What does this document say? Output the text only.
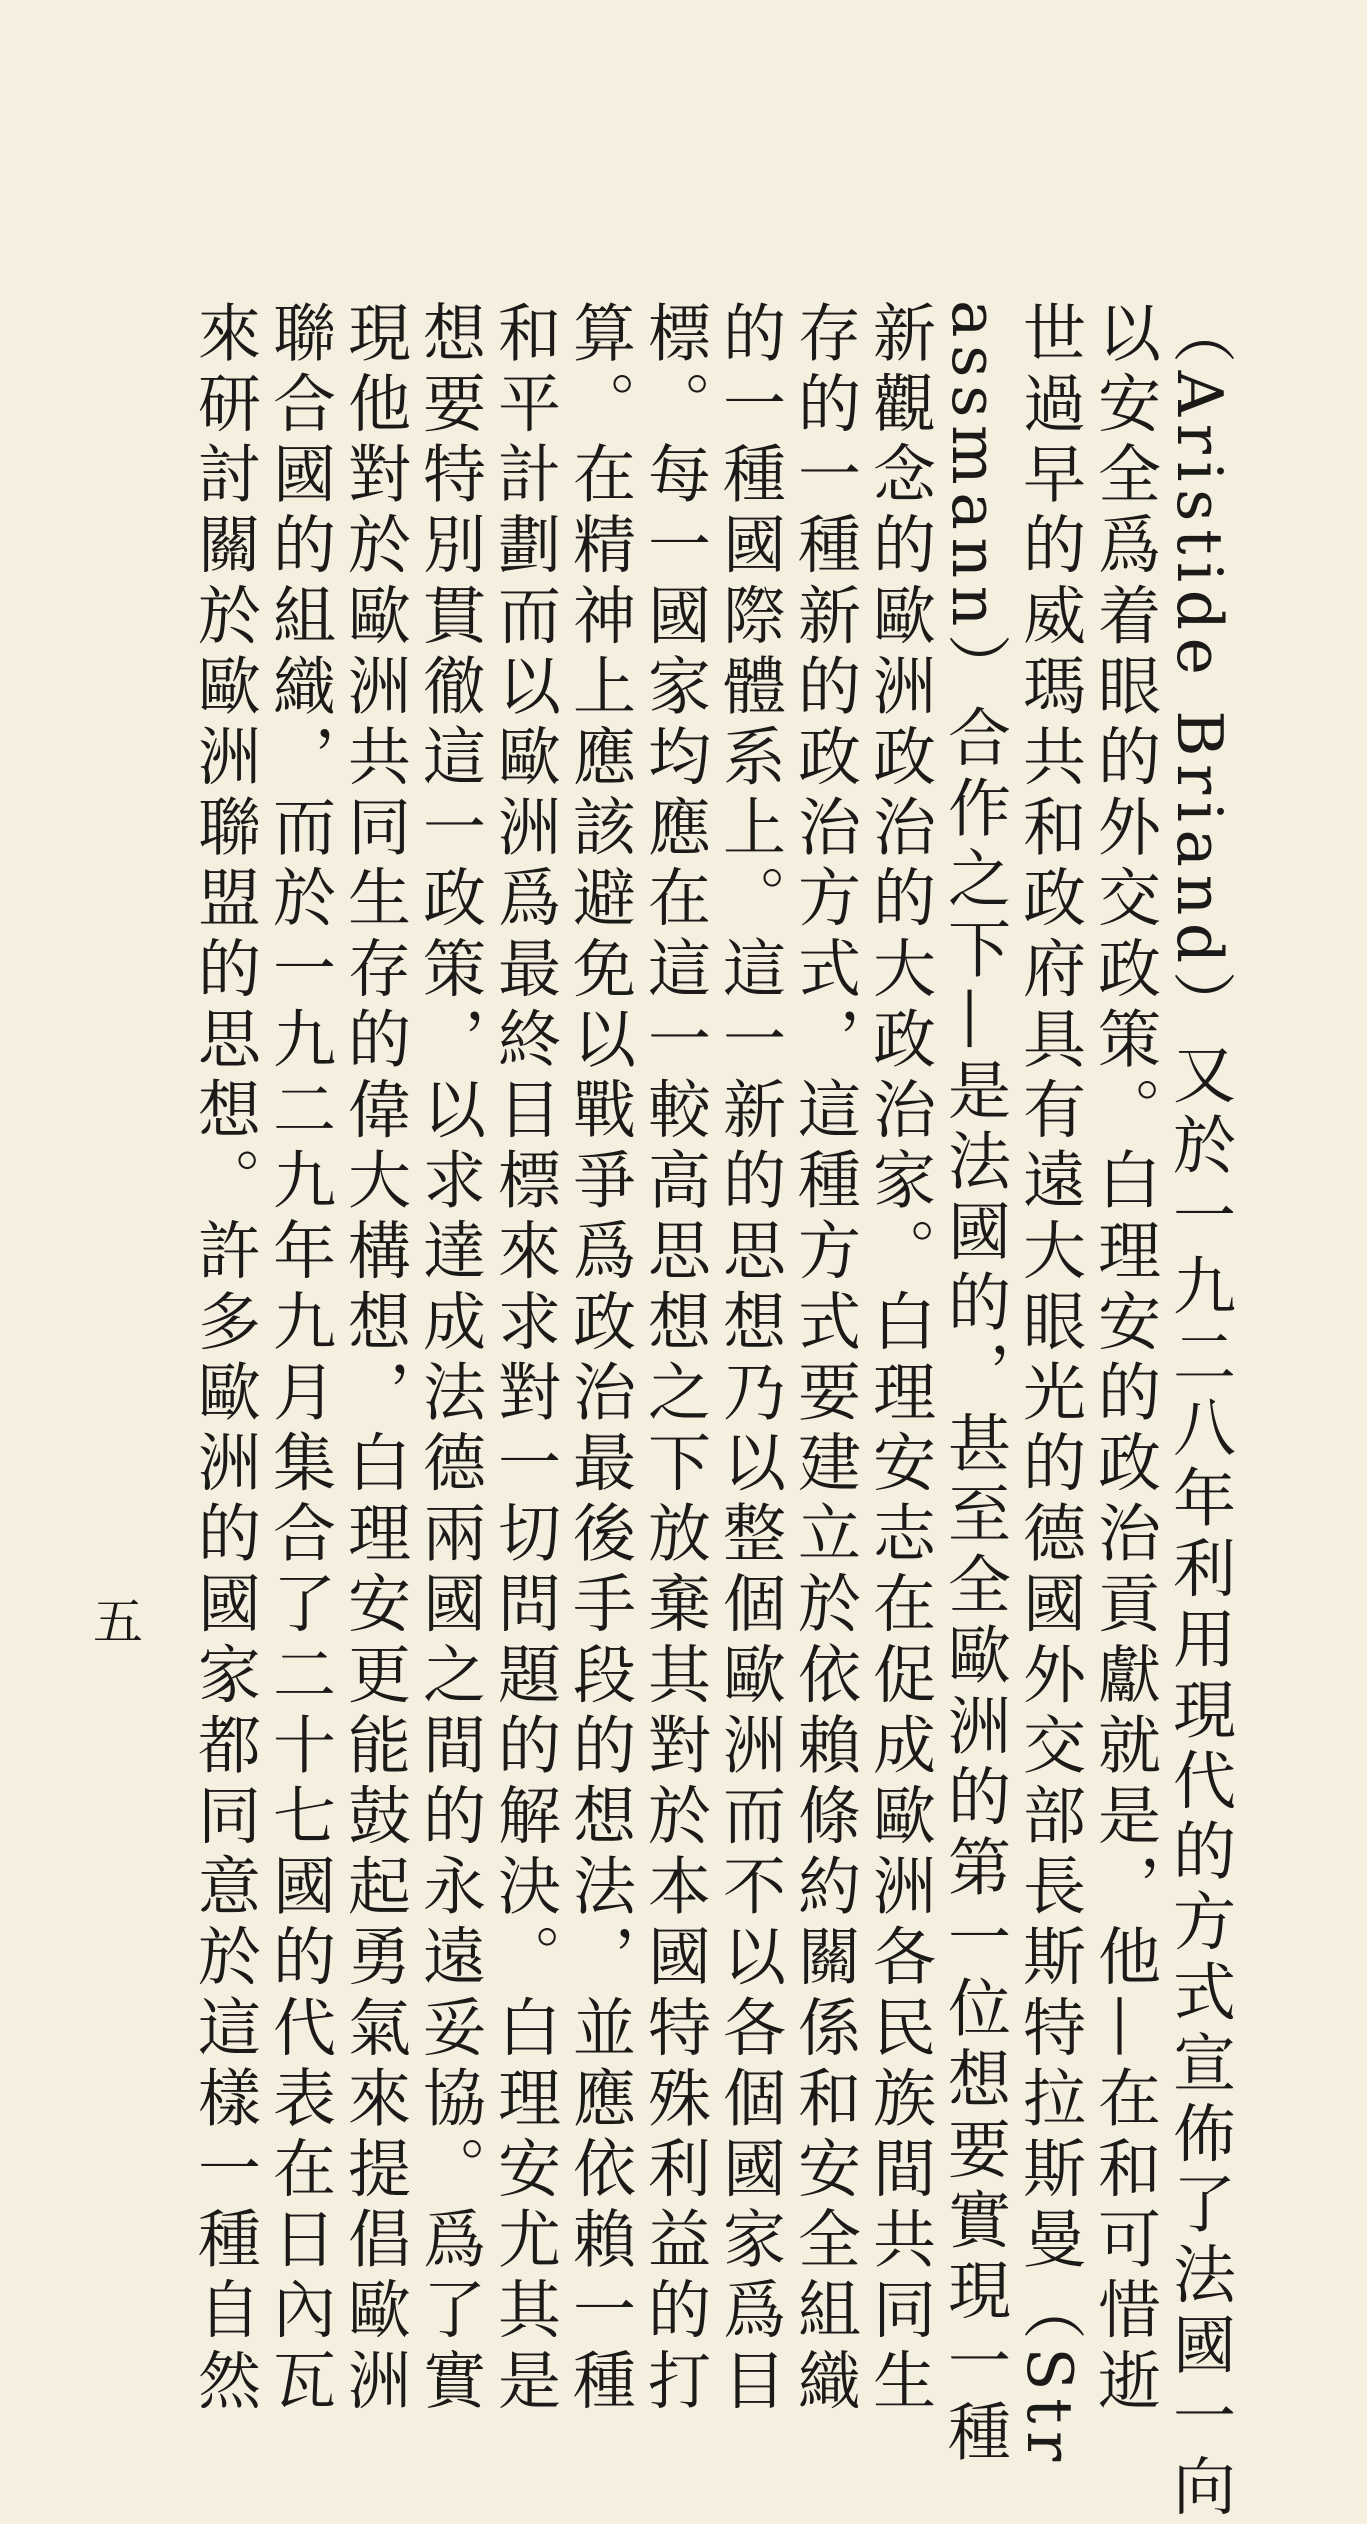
（Aristide Briand）又於一九二八年利用現代的方式宣佈了法國一向
以安全爲着眼的外交政策。白理安的政治貢獻就是，他—在和可惜逝
世過早的威瑪共和政府具有遠大眼光的德國外交部長斯特拉斯曼（Str
assmann）合作之下—是法國的，甚至全歐洲的第一位想要實現一種
新觀念的歐洲政治的大政治家。白理安志在促成歐洲各民族間共同生
存的一種新的政治方式，這種方式要建立於依賴條約關係和安全組織
的一種國際體系上。這一新的思想乃以整個歐洲而不以各個國家爲目
標。每一國家均應在這一較高思想之下放棄其對於本國特殊利益的打
算。在精神上應該避免以戰爭爲政治最後手段的想法，並應依賴一種
和平計劃而以歐洲爲最終目標來求對一切問題的解決。白理安尤其是
想要特別貫徹這一政策，以求達成法德兩國之間的永遠妥協。爲了實
現他對於歐洲共同生存的偉大構想，白理安更能鼓起勇氣來提倡歐洲
聯合國的組織，而於一九二九年九月集合了二十七國的代表在日內瓦
來研討關於歐洲聯盟的思想。許多歐洲的國家都同意於這樣一種自然
五
